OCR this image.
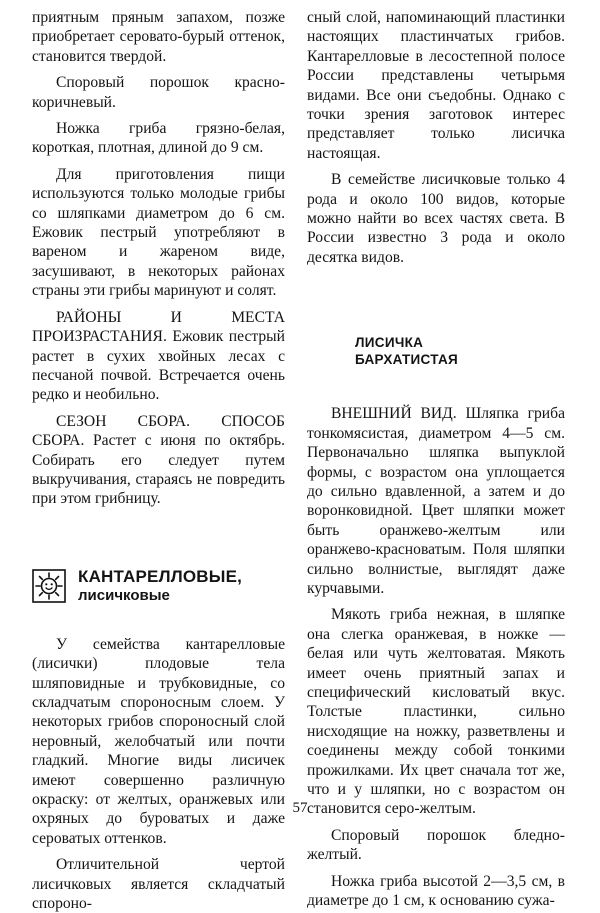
приятным пряным запахом, позже приобретает серовато-бурый оттенок, становится твердой.

Споровый порошок красно-коричневый.

Ножка гриба грязно-белая, короткая, плотная, длиной до 9 см.

Для приготовления пищи используются только молодые грибы со шляпками диаметром до 6 см. Ежовик пестрый употребляют в вареном и жареном виде, засушивают, в некоторых районах страны эти грибы маринуют и солят.

РАЙОНЫ И МЕСТА ПРОИЗРАСТАНИЯ. Ежовик пестрый растет в сухих хвойных лесах с песчаной почвой. Встречается очень редко и необильно.

СЕЗОН СБОРА. СПОСОБ СБОРА. Растет с июня по октябрь. Собирать его следует путем выкручивания, стараясь не повредить при этом грибницу.

КАНТАРЕЛЛОВЫЕ,
лисичковые

У семейства кантарелловые (лисички) плодовые тела шляповидные и трубковидные, со складчатым спороносным слоем. У некоторых грибов спороносный слой неровный, желобчатый или почти гладкий. Многие виды лисичек имеют совершенно различную окраску: от желтых, оранжевых или охряных до буроватых и даже сероватых оттенков.

Отличительной чертой лисичковых является складчатый спороно-

сный слой, напоминающий пластинки настоящих пластинчатых грибов. Кантарелловые в лесостепной полосе России представлены четырьмя видами. Все они съедобны. Однако с точки зрения заготовок интерес представляет только лисичка настоящая.

В семействе лисичковые только 4 рода и около 100 видов, которые можно найти во всех частях света. В России известно 3 рода и около десятка видов.

ЛИСИЧКА
БАРХАТИСТАЯ

ВНЕШНИЙ ВИД. Шляпка гриба тонкомясистая, диаметром 4—5 см. Первоначально шляпка выпуклой формы, с возрастом она уплощается до сильно вдавленной, а затем и до воронковидной. Цвет шляпки может быть оранжево-желтым или оранжево-красноватым. Поля шляпки сильно волнистые, выглядят даже курчавыми.

Мякоть гриба нежная, в шляпке она слегка оранжевая, в ножке — белая или чуть желтоватая. Мякоть имеет очень приятный запах и специфический кисловатый вкус. Толстые пластинки, сильно нисходящие на ножку, разветвлены и соединены между собой тонкими прожилками. Их цвет сначала тот же, что и у шляпки, но с возрастом он становится серо-желтым.

Споровый порошок бледно-желтый.

Ножка гриба высотой 2—3,5 см, в диаметре до 1 см, к основанию сужа-

57
